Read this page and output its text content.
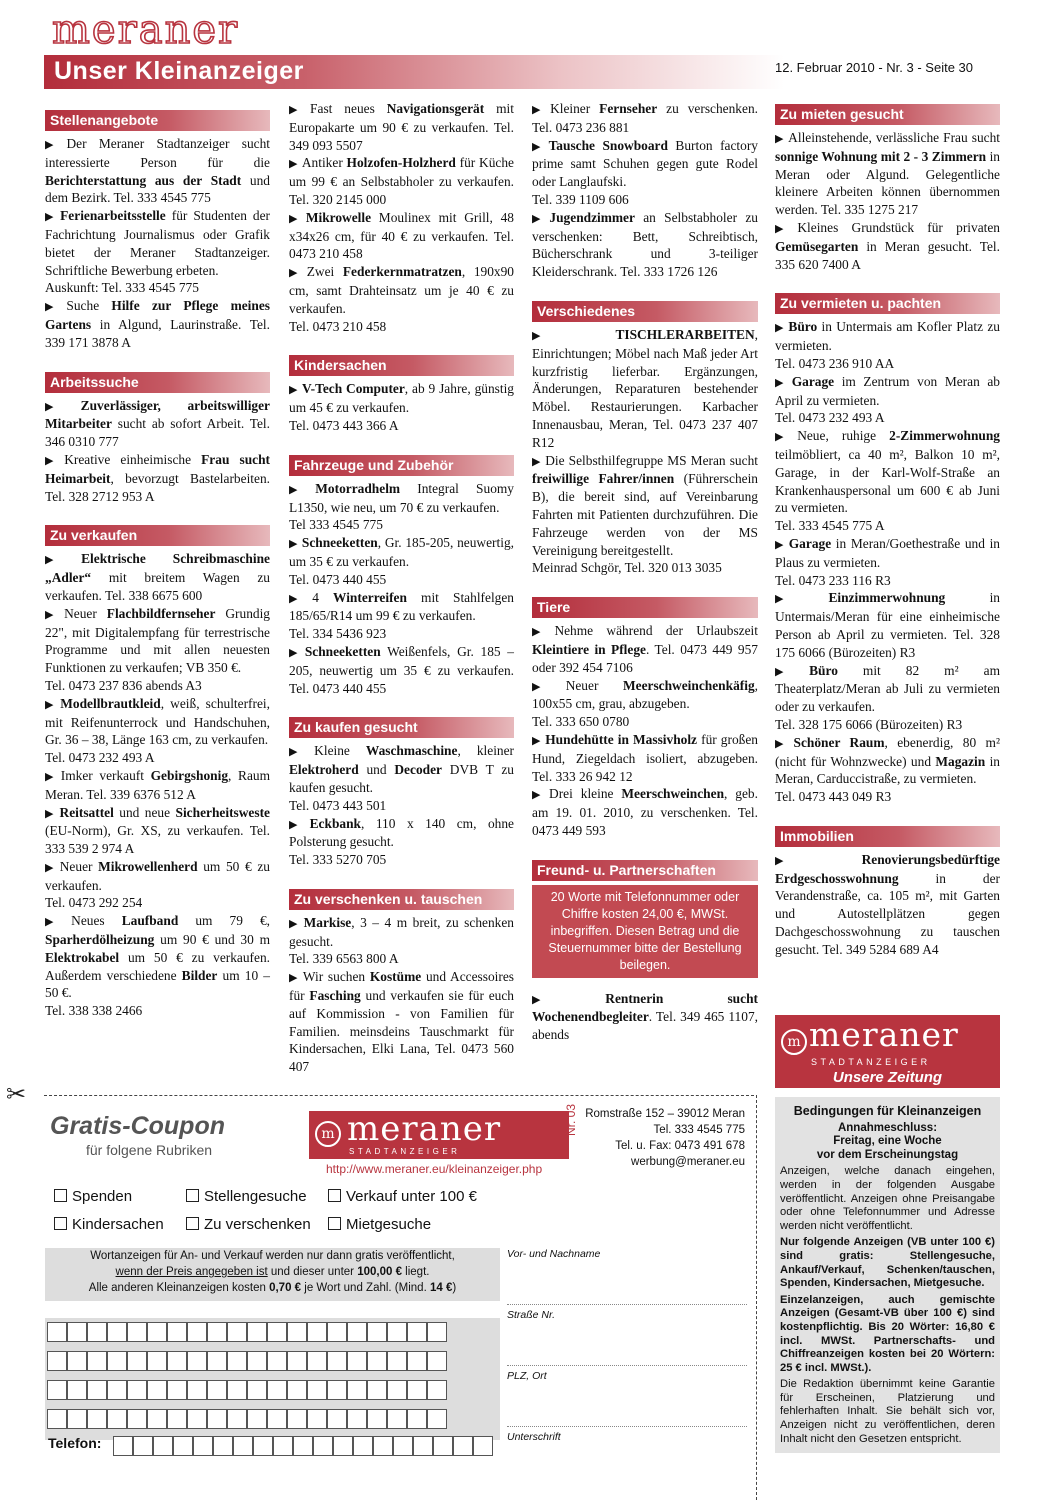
meraner
Unser Kleinanzeiger	12. Februar 2010 - Nr. 3 - Seite 30
Stellenangebote

▶ Der Meraner Stadtanzeiger sucht interessierte Person für die Berichterstattung aus der Stadt und dem Bezirk. Tel. 333 4545 775

▶ Ferienarbeitsstelle für Studenten der Fachrichtung Journalismus oder Grafik bietet der Meraner Stadtanzeiger. Schriftliche Bewerbung erbeten.
Auskunft: Tel. 333 4545 775

▶ Suche Hilfe zur Pflege meines Gartens in Algund, Laurinstraße. Tel. 339 171 3878 A

Arbeitssuche

▶ Zuverlässiger, arbeitswilliger Mitarbeiter sucht ab sofort Arbeit. Tel. 346 0310 777

▶ Kreative einheimische Frau sucht Heimarbeit, bevorzugt Bastelarbeiten. Tel. 328 2712 953 A

Zu verkaufen

▶ Elektrische Schreibmaschine „Adler“ mit breitem Wagen zu verkaufen. Tel. 338 6675 600

▶ Neuer Flachbildfernseher Grundig 22", mit Digitalempfang für terrestrische Programme und mit allen neuesten Funktionen zu verkaufen; VB 350 €.
Tel. 0473 237 836 abends A3

▶ Modellbrautkleid, weiß, schulterfrei, mit Reifenunterrock und Handschuhen, Gr. 36 – 38, Länge 163 cm, zu verkaufen.
Tel. 0473 232 493 A

▶ Imker verkauft Gebirgshonig, Raum Meran. Tel. 339 6376 512 A

▶ Reitsattel und neue Sicherheitsweste (EU-Norm), Gr. XS, zu verkaufen. Tel. 333 539 2 974 A

▶ Neuer Mikrowellenherd um 50 € zu verkaufen.
Tel. 0473 292 254

▶ Neues Laufband um 79 €, Sparherdölheizung um 90 € und 30 m Elektrokabel um 50 € zu verkaufen. Außerdem verschiedene Bilder um 10 – 50 €.
Tel. 338 338 2466

▶ Fast neues Navigationsgerät mit Europakarte um 90 € zu verkaufen. Tel. 349 093 5507

▶ Antiker Holzofen-Holzherd für Küche um 99 € an Selbstabholer zu verkaufen. Tel. 320 2145 000

▶ Mikrowelle Moulinex mit Grill, 48 x34x26 cm, für 40 € zu verkaufen. Tel. 0473 210 458

▶ Zwei Federkernmatratzen, 190x90 cm, samt Drahteinsatz um je 40 € zu verkaufen.
Tel. 0473 210 458

Kindersachen

▶ V-Tech Computer, ab 9 Jahre, günstig um 45 € zu verkaufen.
Tel. 0473 443 366 A

Fahrzeuge und Zubehör

▶ Motorradhelm Integral Suomy L1350, wie neu, um 70 € zu verkaufen.
Tel 333 4545 775

▶ Schneeketten, Gr. 185-205, neuwertig, um 35 € zu verkaufen.
Tel. 0473 440 455

▶ 4 Winterreifen mit Stahlfelgen 185/65/R14 um 99 € zu verkaufen.
Tel. 334 5436 923

▶ Schneeketten Weißenfels, Gr. 185 – 205, neuwertig um 35 € zu verkaufen. Tel. 0473 440 455

Zu kaufen gesucht

▶ Kleine Waschmaschine, kleiner Elektroherd und Decoder DVB T zu kaufen gesucht.
Tel. 0473 443 501

▶ Eckbank, 110 x 140 cm, ohne Polsterung gesucht.
Tel. 333 5270 705

Zu verschenken u. tauschen

▶ Markise, 3 – 4 m breit, zu schenken gesucht.
Tel. 339 6563 800 A

▶ Wir suchen Kostüme und Accessoires für Fasching und verkaufen sie für euch auf Kommission - von Familien für Familien. meinsdeins Tauschmarkt für Kindersachen, Elki Lana, Tel. 0473 560 407

▶ Kleiner Fernseher zu verschenken. Tel. 0473 236 881

▶ Tausche Snowboard Burton factory prime samt Schuhen gegen gute Rodel oder Langlaufski.
Tel. 339 1109 606

▶ Jugendzimmer an Selbstabholer zu verschenken: Bett, Schreibtisch, Bücherschrank und 3-teiliger Kleiderschrank. Tel. 333 1726 126

Verschiedenes

▶ TISCHLERARBEITEN, Einrichtungen; Möbel nach Maß jeder Art kurzfristig lieferbar. Ergänzungen, Änderungen, Reparaturen bestehender Möbel. Restaurierungen. Karbacher Innenausbau, Meran, Tel. 0473 237 407 R12

▶ Die Selbsthilfegruppe MS Meran sucht freiwillige Fahrer/innen (Führerschein B), die bereit sind, auf Vereinbarung Fahrten mit Patienten durchzuführen. Die Fahrzeuge werden von der MS Vereinigung bereitgestellt.
Meinrad Schgör, Tel. 320 013 3035

Tiere

▶ Nehme während der Urlaubszeit Kleintiere in Pflege. Tel. 0473 449 957 oder 392 454 7106

▶ Neuer Meerschweinchenkäfig, 100x55 cm, grau, abzugeben.
Tel. 333 650 0780

▶ Hundehütte in Massivholz für großen Hund, Ziegeldach isoliert, abzugeben. Tel. 333 26 942 12

▶ Drei kleine Meerschweinchen, geb. am 19. 01. 2010, zu verschenken. Tel. 0473 449 593

Freund- u. Partnerschaften
20 Worte mit Telefonnummer oder Chiffre kosten 24,00 €, MWSt. inbegriffen. Diesen Betrag und die Steuernummer bitte der Bestellung beilegen.

▶ Rentnerin sucht Wochenendbegleiter. Tel. 349 465 1107, abends

Zu mieten gesucht

▶ Alleinstehende, verlässliche Frau sucht sonnige Wohnung mit 2 - 3 Zimmern in Meran oder Algund. Gelegentliche kleinere Arbeiten können übernommen werden. Tel. 335 1275 217

▶ Kleines Grundstück für privaten Gemüsegarten in Meran gesucht. Tel. 335 620 7400 A

Zu vermieten u. pachten

▶ Büro in Untermais am Kofler Platz zu vermieten.
Tel. 0473 236 910 AA

▶ Garage im Zentrum von Meran ab April zu vermieten.
Tel. 0473 232 493 A

▶ Neue, ruhige 2-Zimmerwohnung teilmöbliert, ca 40 m², Balkon 10 m², Garage, in der Karl-Wolf-Straße an Krankenhauspersonal um 600 € ab Juni zu vermieten.
Tel. 333 4545 775 A

▶ Garage in Meran/Goethestraße und in Plaus zu vermieten.
Tel. 0473 233 116 R3

▶ Einzimmerwohnung in Untermais/Meran für eine einheimische Person ab April zu vermieten. Tel. 328 175 6066 (Bürozeiten) R3

▶ Büro mit 82 m² am Theaterplatz/Meran ab Juli zu vermieten oder zu verkaufen.
Tel. 328 175 6066 (Bürozeiten) R3

▶ Schöner Raum, ebenerdig, 80 m² (nicht für Wohnzwecke) und Magazin in Meran, Carduccistraße, zu vermieten.
Tel. 0473 443 049 R3

Immobilien

▶ Renovierungsbedürftige Erdgeschosswohnung in der Verandenstraße, ca. 105 m², mit Garten und Autostellplätzen gegen Dachgeschosswohnung zu tauschen gesucht. Tel. 349 5284 689 A4

m meraner
STADTANZEIGER
Unsere Zeitung
✂
Gratis-Coupon
für folgene Rubriken
m meraner
STADTANZEIGER
Nr. 03
http://www.meraner.eu/kleinanzeiger.php
Romstraße 152 – 39012 Meran
Tel. 333 4545 775
Tel. u. Fax: 0473 491 678
werbung@meraner.eu
Spenden	Stellengesuche	Verkauf unter 100 €
Kindersachen	Zu verschenken	Mietgesuche
Wortanzeigen für An- und Verkauf werden nur dann gratis veröffentlicht,
wenn der Preis angegeben ist und dieser unter 100,00 € liegt.
Alle anderen Kleinanzeigen kosten 0,70 € je Wort und Zahl. (Mind. 14 €)
Telefon:
Vor- und Nachname
Straße Nr.
PLZ, Ort
Unterschrift
Bedingungen für Kleinanzeigen
Annahmeschluss:
Freitag, eine Woche
vor dem Erscheinungstag

Anzeigen, welche danach eingehen, werden in der folgenden Ausgabe veröffentlicht. Anzeigen ohne Preisangabe oder ohne Telefonnummer und Adresse werden nicht veröffentlicht.

Nur folgende Anzeigen (VB unter 100 €) sind gratis: Stellengesuche, Ankauf/Verkauf, Schenken/tauschen, Spenden, Kindersachen, Mietgesuche.

Einzelanzeigen, auch gemischte Anzeigen (Gesamt-VB über 100 €) sind kostenpflichtig. Bis 20 Wörter: 16,80 € incl. MWSt. Partnerschafts- und Chiffreanzeigen kosten bei 20 Wörtern: 25 € incl. MWSt.).

Die Redaktion übernimmt keine Garantie für Erscheinen, Platzierung und fehlerhaften Inhalt. Sie behält sich vor, Anzeigen nicht zu veröffentlichen, deren Inhalt nicht den Gesetzen entspricht.
